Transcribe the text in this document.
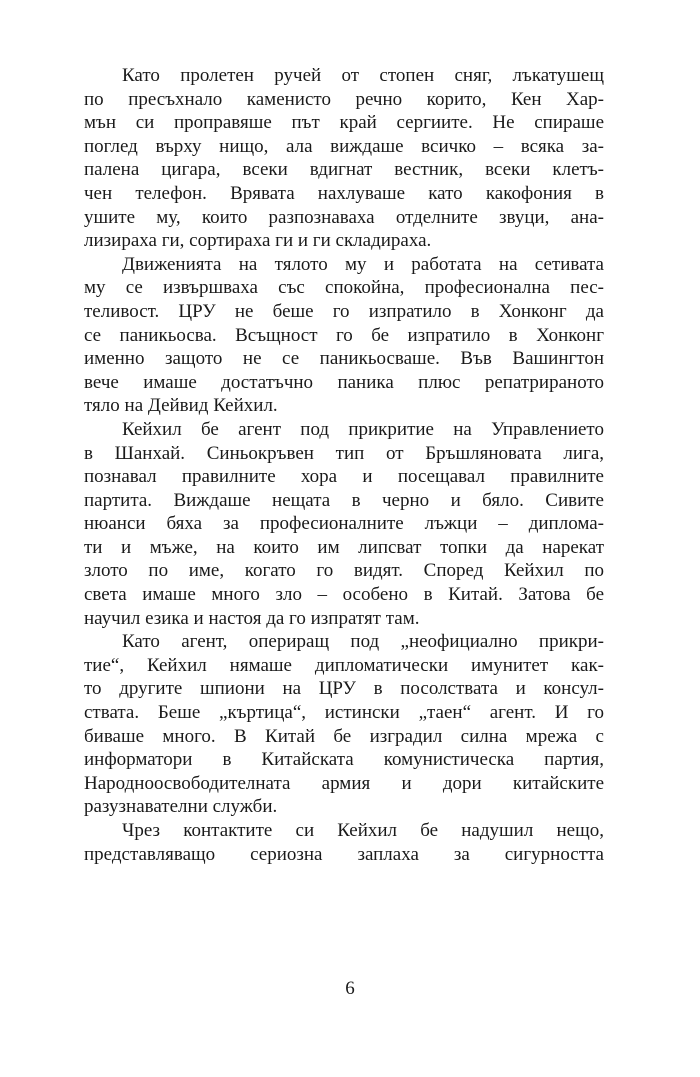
Като пролетен ручей от стопен сняг, лъкатушещ
по пресъхнало каменисто речно корито, Кен Хар-
мън си проправяше път край сергиите. Не спираше
поглед върху нищо, ала виждаше всичко – всяка за-
палена цигара, всеки вдигнат вестник, всеки клетъ-
чен телефон. Врявата нахлуваше като какофония в
ушите му, които разпознаваха отделните звуци, ана-
лизираха ги, сортираха ги и ги складираха.
Движенията на тялото му и работата на сетивата
му се извършваха със спокойна, професионална пес-
теливост. ЦРУ не беше го изпратило в Хонконг да
се паникьосва. Всъщност го бе изпратило в Хонконг
именно защото не се паникьосваше. Във Вашингтон
вече имаше достатъчно паника плюс репатрираното
тяло на Дейвид Кейхил.
Кейхил бе агент под прикритие на Управлението
в Шанхай. Синьокръвен тип от Бръшляновата лига,
познавал правилните хора и посещавал правилните
партита. Виждаше нещата в черно и бяло. Сивите
нюанси бяха за професионалните лъжци – диплома-
ти и мъже, на които им липсват топки да нарекат
злото по име, когато го видят. Според Кейхил по
света имаше много зло – особено в Китай. Затова бе
научил езика и настоя да го изпратят там.
Като агент, опериращ под „неофициално прикри-
тие“, Кейхил нямаше дипломатически имунитет как-
то другите шпиони на ЦРУ в посолствата и консул-
ствата. Беше „къртица“, истински „таен“ агент. И го
биваше много. В Китай бе изградил силна мрежа с
информатори в Китайската комунистическа партия,
Народноосвободителната армия и дори китайските
разузнавателни служби.
Чрез контактите си Кейхил бе надушил нещо,
представляващо сериозна заплаха за сигурността
6
